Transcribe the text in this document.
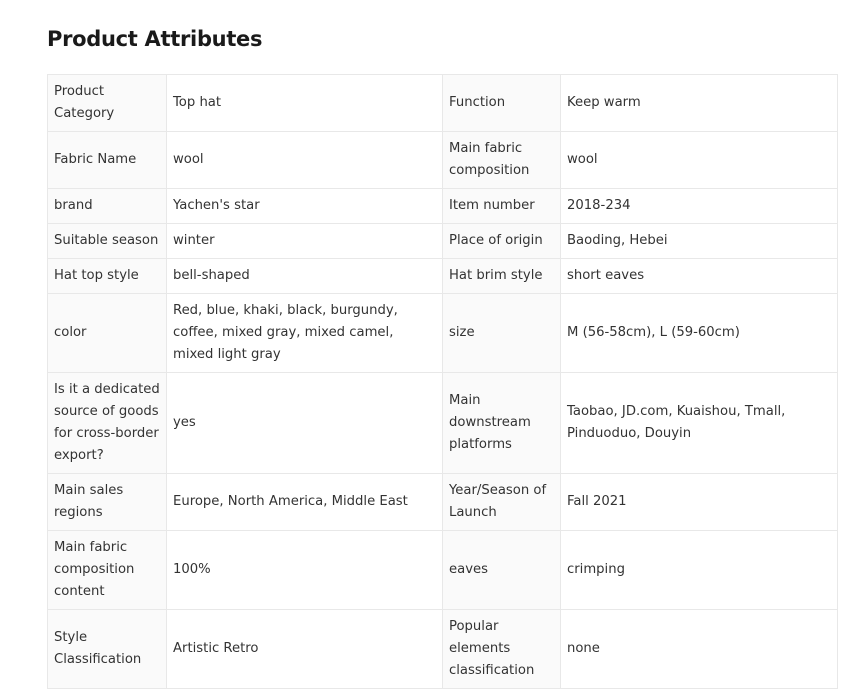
Product Attributes
Product Category	Top hat	Function	Keep warm
Fabric Name	wool	Main fabric composition	wool
brand	Yachen's star	Item number	2018-234
Suitable season	winter	Place of origin	Baoding, Hebei
Hat top style	bell-shaped	Hat brim style	short eaves
color	Red, blue, khaki, black, burgundy, coffee, mixed gray, mixed camel, mixed light gray	size	M (56-58cm), L (59-60cm)
Is it a dedicated source of goods for cross-border export?	yes	Main downstream platforms	Taobao, JD.com, Kuaishou, Tmall, Pinduoduo, Douyin
Main sales regions	Europe, North America, Middle East	Year/Season of Launch	Fall 2021
Main fabric composition content	100%	eaves	crimping
Style Classification	Artistic Retro	Popular elements classification	none
